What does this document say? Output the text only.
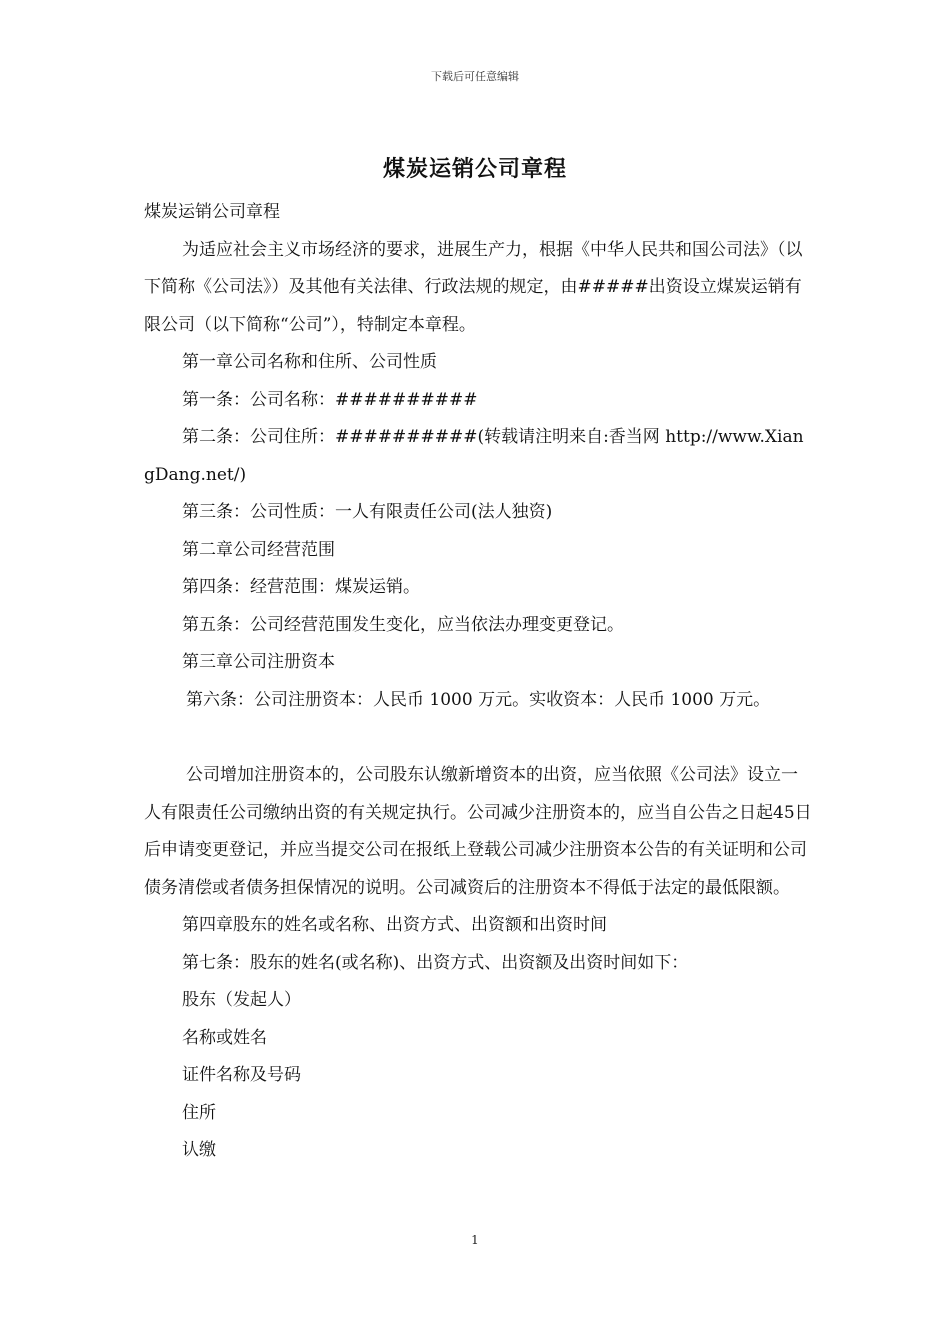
下载后可任意编辑
煤炭运销公司章程

煤炭运销公司章程

为适应社会主义市场经济的要求，进展生产力，根据《中华人民共和国公司法》（以下简称《公司法》）及其他有关法律、行政法规的规定，由#####出资设立煤炭运销有限公司（以下简称“公司”），特制定本章程。

第一章公司名称和住所、公司性质

第一条：公司名称：##########

第二条：公司住所：##########(转载请注明来自:香当网 http://www.XiangDang.net/)

第三条：公司性质：一人有限责任公司(法人独资)

第二章公司经营范围

第四条：经营范围：煤炭运销。

第五条：公司经营范围发生变化，应当依法办理变更登记。

第三章公司注册资本

第六条：公司注册资本：人民币 1000 万元。实收资本：人民币 1000 万元。

公司增加注册资本的，公司股东认缴新增资本的出资，应当依照《公司法》设立一人有限责任公司缴纳出资的有关规定执行。公司减少注册资本的，应当自公告之日起45日后申请变更登记，并应当提交公司在报纸上登载公司减少注册资本公告的有关证明和公司债务清偿或者债务担保情况的说明。公司减资后的注册资本不得低于法定的最低限额。

第四章股东的姓名或名称、出资方式、出资额和出资时间

第七条：股东的姓名(或名称)、出资方式、出资额及出资时间如下：

股东（发起人）

名称或姓名

证件名称及号码

住所

认缴

1
